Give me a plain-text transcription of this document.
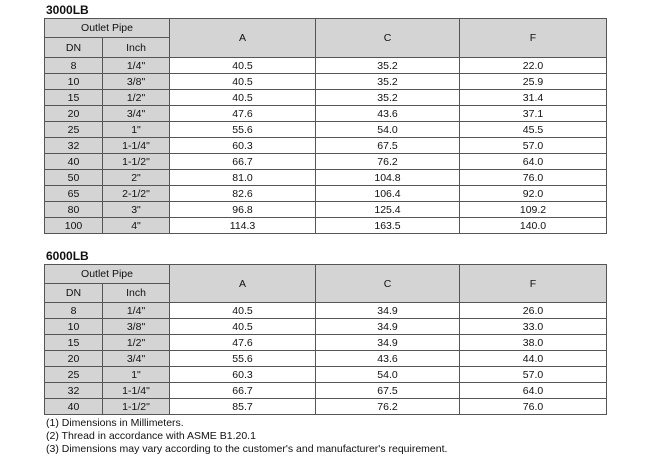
3000LB
Outlet Pipe		A	C	F
DN	Inch			
8	1/4"	40.5	35.2	22.0
10	3/8"	40.5	35.2	25.9
15	1/2"	40.5	35.2	31.4
20	3/4"	47.6	43.6	37.1
25	1"	55.6	54.0	45.5
32	1-1/4"	60.3	67.5	57.0
40	1-1/2"	66.7	76.2	64.0
50	2"	81.0	104.8	76.0
65	2-1/2"	82.6	106.4	92.0
80	3"	96.8	125.4	109.2
100	4"	114.3	163.5	140.0
6000LB
Outlet Pipe		A	C	F
DN	Inch			
8	1/4"	40.5	34.9	26.0
10	3/8"	40.5	34.9	33.0
15	1/2"	47.6	34.9	38.0
20	3/4"	55.6	43.6	44.0
25	1"	60.3	54.0	57.0
32	1-1/4"	66.7	67.5	64.0
40	1-1/2"	85.7	76.2	76.0
(1) Dimensions in Millimeters.
(2) Thread in accordance with ASME B1.20.1
(3) Dimensions may vary according to the customer's and manufacturer's requirement.
